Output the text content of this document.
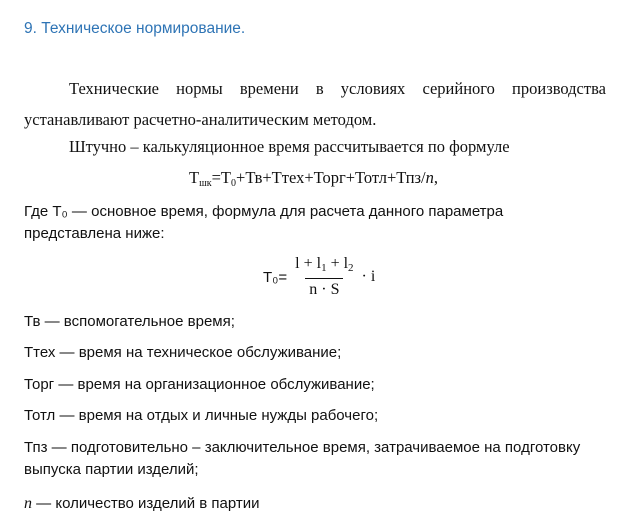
9. Техническое нормирование.
Технические нормы времени в условиях серийного производства
устанавливают расчетно-аналитическим методом.
Штучно – калькуляционное время рассчитывается по формуле
$Т_{шк}=Т_0+Тв+Ттех+Торг+Тотл+Тпз/n$,
Где Т₀ — основное время, формула для расчета данного параметра представлена ниже:
$Т_0= \frac{l + l1 + l2}{n \cdot S} \cdot i$
Тв — вспомогательное время;
Ттех — время на техническое обслуживание;
Торг — время на организационное обслуживание;
Тотл — время на отдых и личные нужды рабочего;
Тпз — подготовительно – заключительное время, затрачиваемое на подготовку выпуска партии изделий;
n — количество изделий в партии
